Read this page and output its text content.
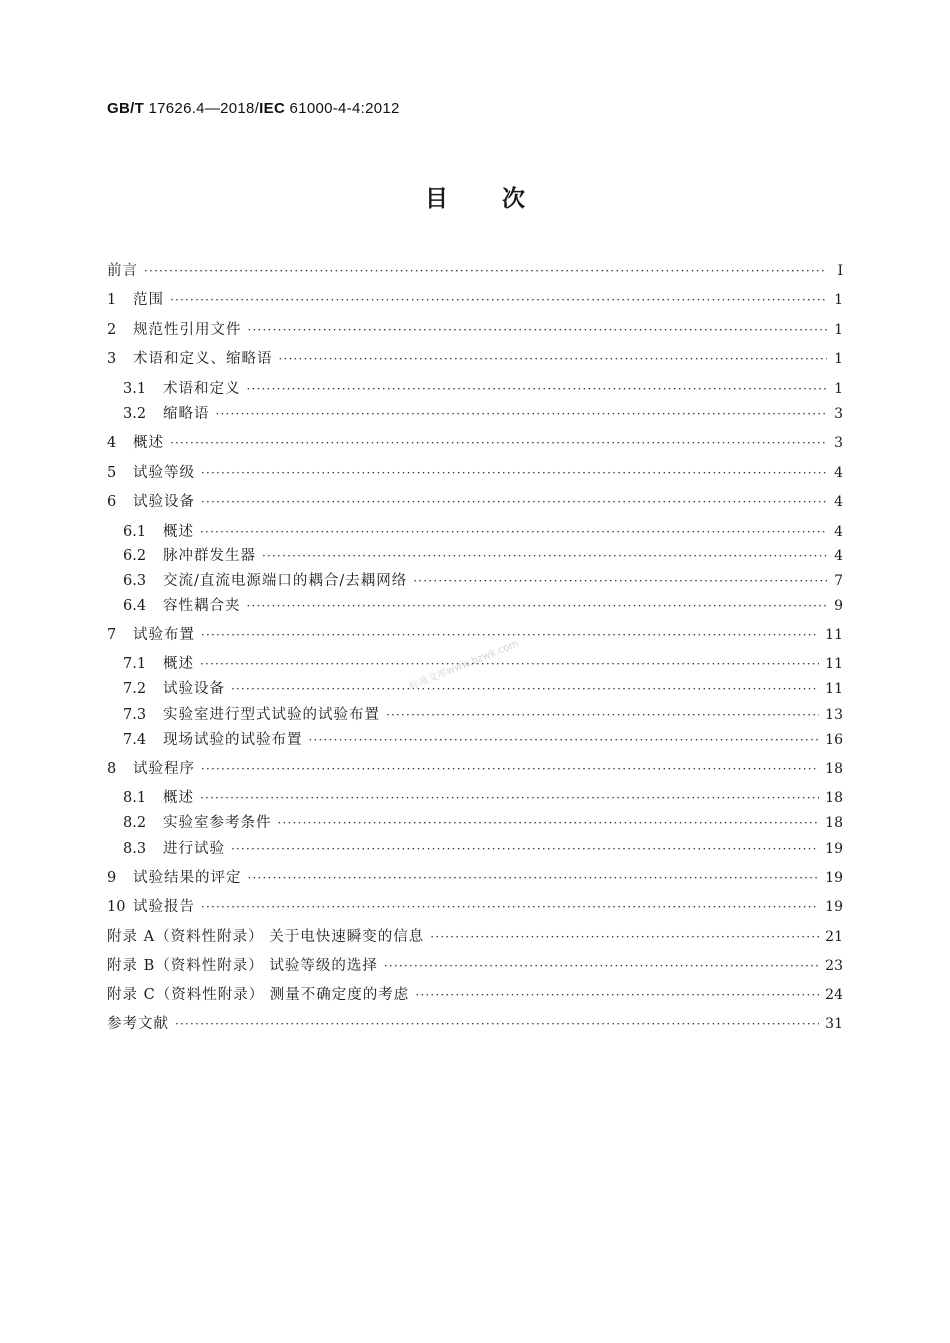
GB/T 17626.4—2018/IEC 61000-4-4:2012
目次
前言 ·····	Ⅰ
1	范围 ·····	1
2	规范性引用文件 ·····	1
3	术语和定义、缩略语 ·····	1
3.1	术语和定义 ·····	1
3.2	缩略语 ·····	3
4	概述 ·····	3
5	试验等级 ·····	4
6	试验设备 ·····	4
6.1	概述 ·····	4
6.2	脉冲群发生器 ·····	4
6.3	交流/直流电源端口的耦合/去耦网络 ·····	7
6.4	容性耦合夹 ·····	9
7	试验布置 ·····	11
7.1	概述 ·····	11
7.2	试验设备 ·····	11
7.3	实验室进行型式试验的试验布置 ·····	13
7.4	现场试验的试验布置 ·····	16
8	试验程序 ·····	18
8.1	概述 ·····	18
8.2	实验室参考条件 ·····	18
8.3	进行试验 ·····	19
9	试验结果的评定 ·····	19
10 试验报告 ·····	19
附录 A（资料性附录） 关于电快速瞬变的信息 ·····	21
附录 B（资料性附录） 试验等级的选择 ·····	23
附录 C（资料性附录） 测量不确定度的考虑 ·····	24
参考文献 ·····	31
标准文库www.bzwk.com
